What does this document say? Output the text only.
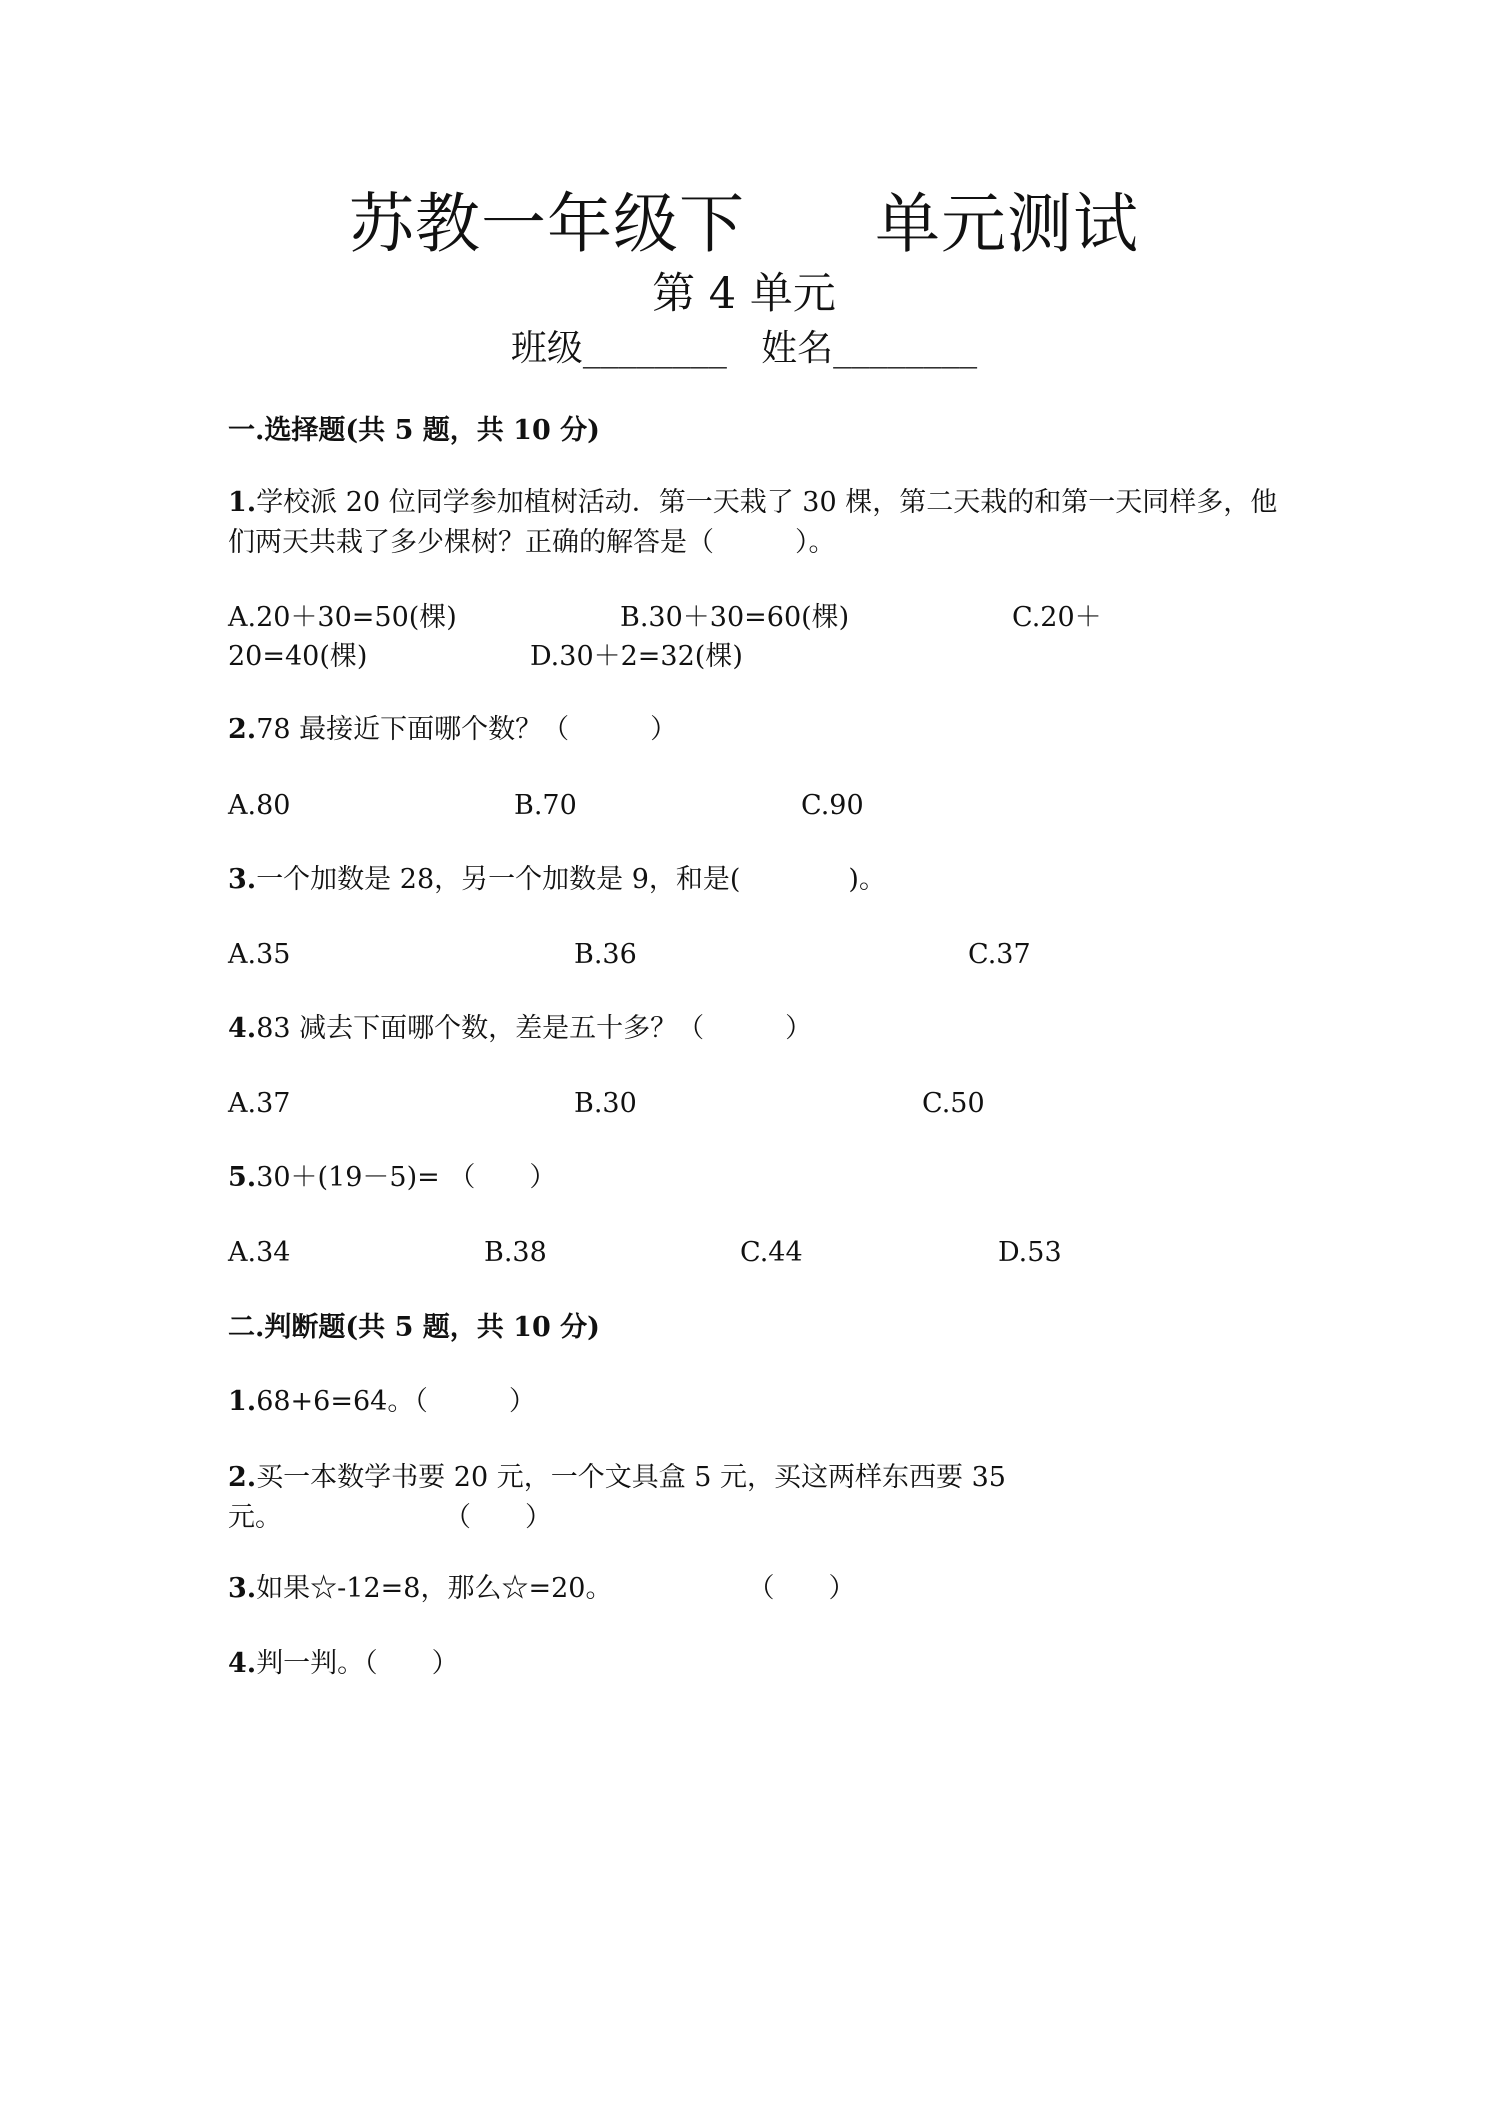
苏教一年级下      单元测试
第 4 单元
班级________   姓名________
一.选择题(共 5 题，共 10 分)
1.学校派 20 位同学参加植树活动．第一天栽了 30 棵，第二天栽的和第一天同样多，他们两天共栽了多少棵树？正确的解答是（　　　）。
A.20＋30=50(棵)	B.30＋30=60(棵)	C.20＋
20=40(棵)	D.30＋2=32(棵)
2.78 最接近下面哪个数？（　　　）
A.80	B.70	C.90
3.一个加数是 28，另一个加数是 9，和是(　　　　)。
A.35	B.36	C.37
4.83 减去下面哪个数，差是五十多？（　　　）
A.37	B.30	C.50
5.30＋(19－5)= （　　）
A.34	B.38	C.44	D.53
二.判断题(共 5 题，共 10 分)
1.68+6=64。（　　　）
2.买一本数学书要 20 元，一个文具盒 5 元，买这两样东西要 35
元。　　　　　　　（　　）
3.如果☆-12=8，那么☆=20。　　　　　　（　　）
4.判一判。（　　）
